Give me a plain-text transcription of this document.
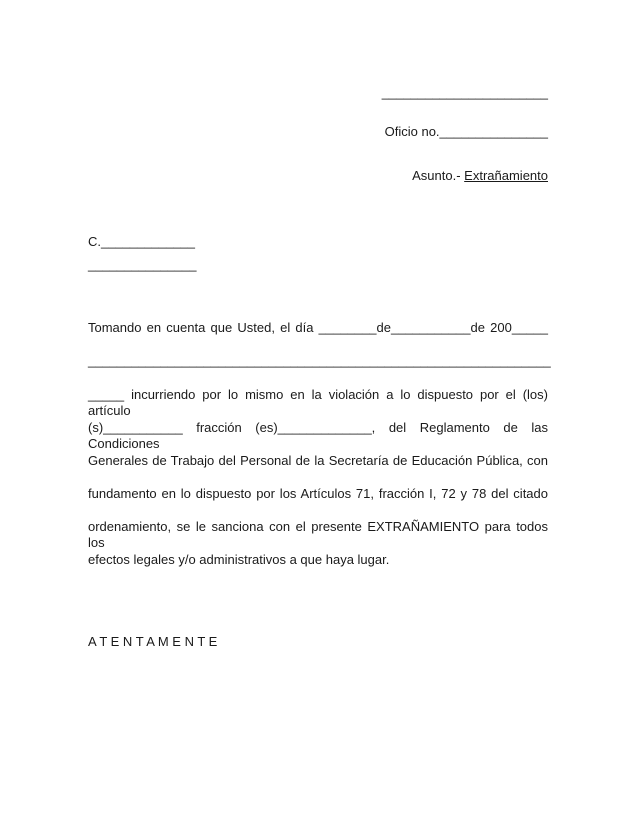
_______________________
Oficio no._______________
Asunto.- Extrañamiento
C._____________
_______________
Tomando en cuenta que Usted, el día ________de___________de 200_____
________________________________________________________________
_____ incurriendo por lo mismo en la violación a lo dispuesto por el (los) artículo
(s)___________ fracción (es)_____________, del Reglamento de las Condiciones
Generales de Trabajo del Personal de la Secretaría de Educación Pública, con
fundamento en lo dispuesto por los Artículos 71, fracción I, 72 y 78 del citado
ordenamiento, se le sanciona con el presente EXTRAÑAMIENTO para todos los
efectos legales y/o administrativos a que haya lugar.
A T E N T A M E N T E
